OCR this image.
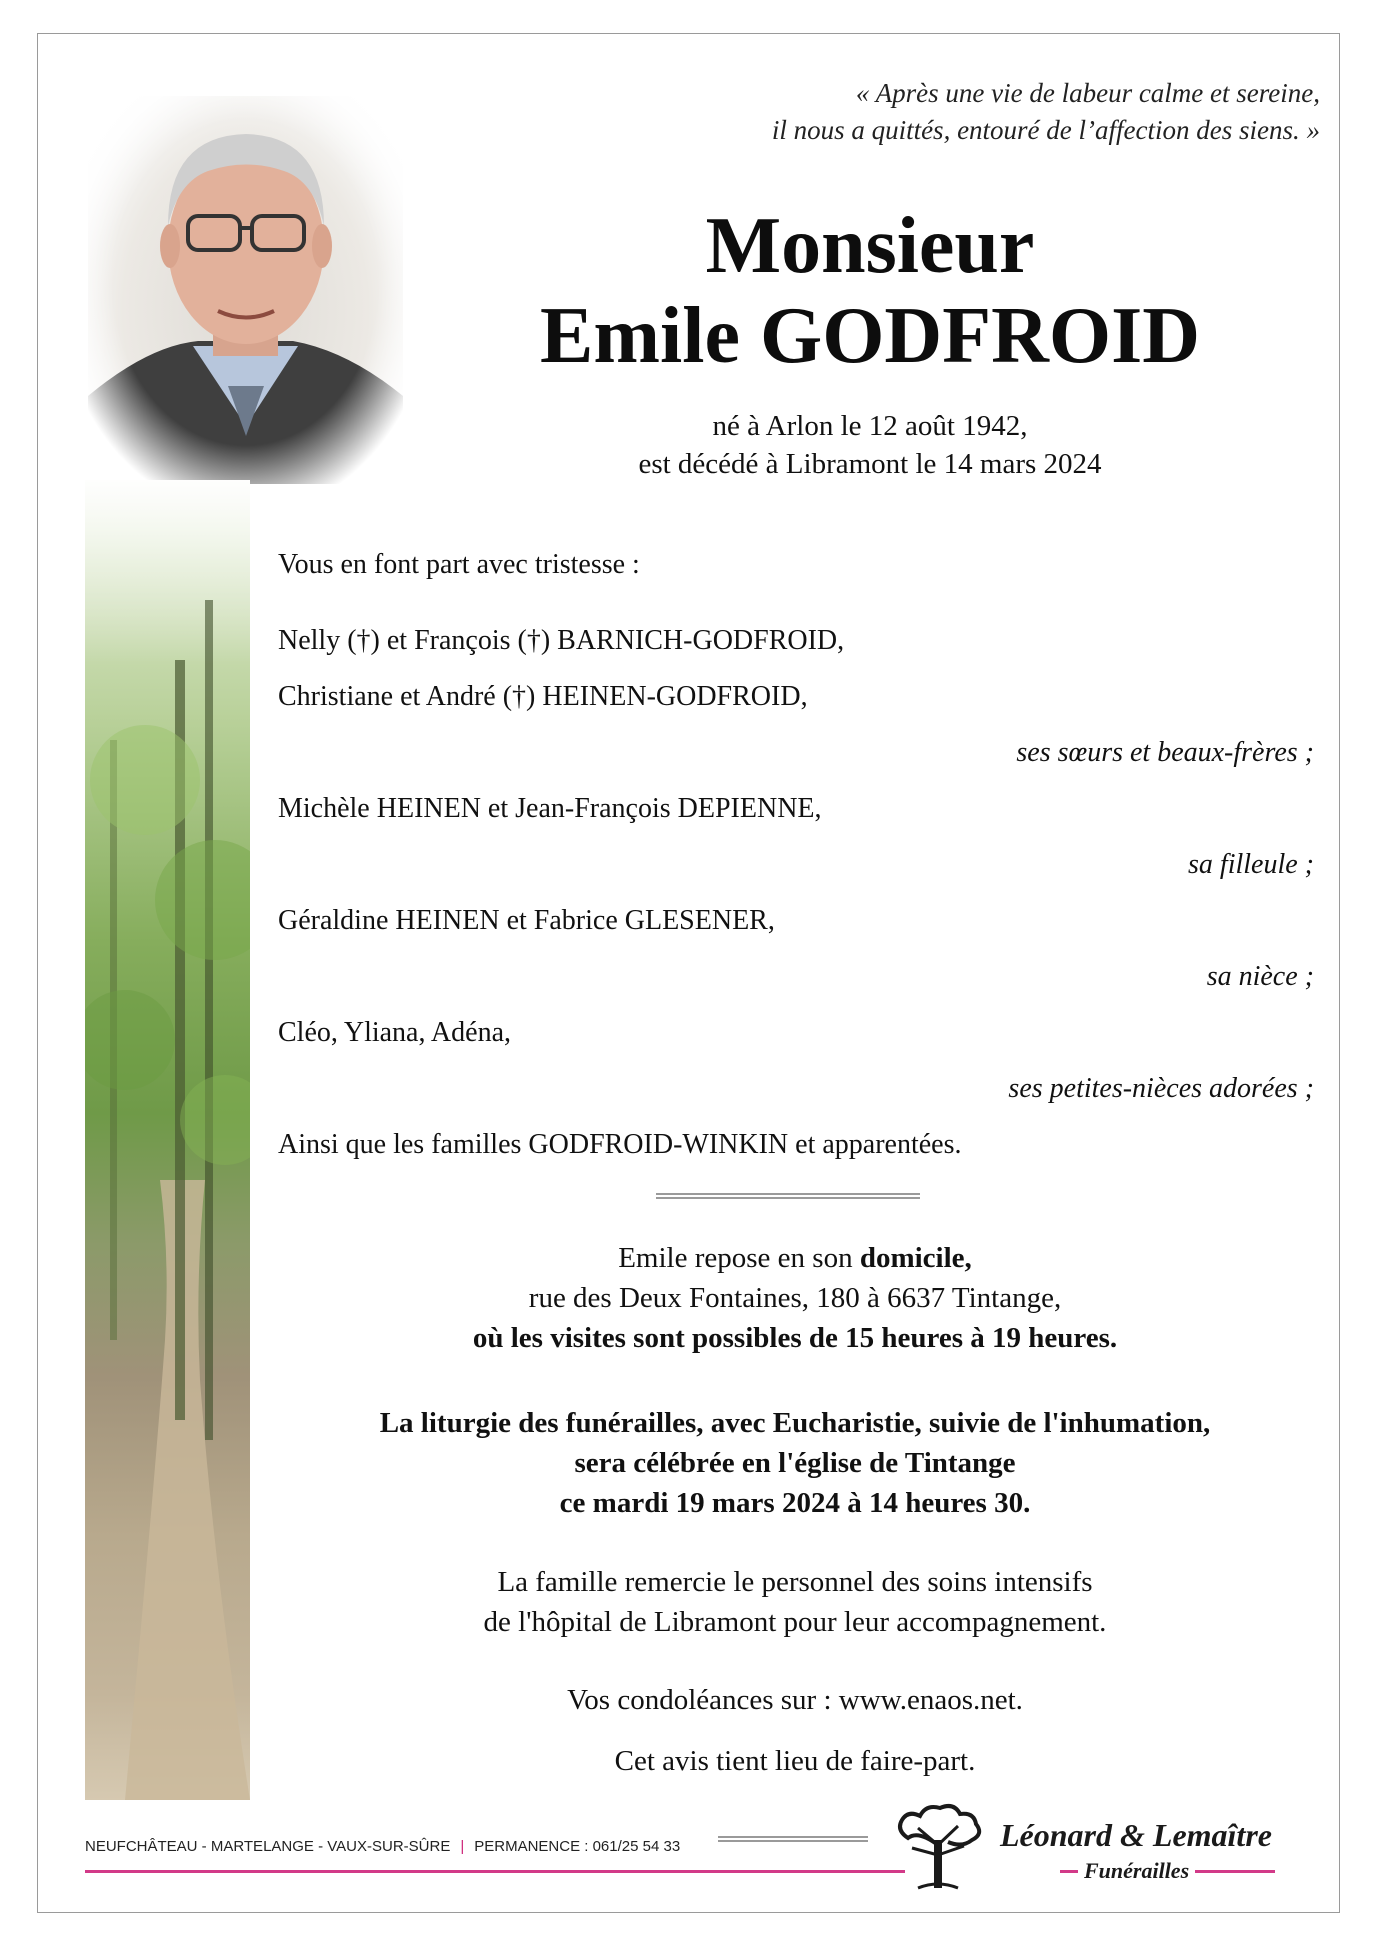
« Après une vie de labeur calme et sereine,
il nous a quittés, entouré de l’affection des siens. »
Monsieur
Emile GODFROID
né à Arlon le 12 août 1942,
est décédé à Libramont le 14 mars 2024
Vous en font part avec tristesse :
Nelly (†) et François (†) BARNICH-GODFROID,
Christiane et André (†) HEINEN-GODFROID,
ses sœurs et beaux-frères ;
Michèle HEINEN et Jean-François DEPIENNE,
sa filleule ;
Géraldine HEINEN et Fabrice GLESENER,
sa nièce ;
Cléo, Yliana, Adéna,
ses petites-nièces adorées ;
Ainsi que les familles GODFROID-WINKIN et apparentées.
Emile repose en son domicile,
rue des Deux Fontaines, 180 à 6637 Tintange,
où les visites sont possibles de 15 heures à 19 heures.
La liturgie des funérailles, avec Eucharistie, suivie de l'inhumation,
sera célébrée en l'église de Tintange
ce mardi 19 mars 2024 à 14 heures 30.
La famille remercie le personnel des soins intensifs
de l'hôpital de Libramont pour leur accompagnement.
Vos condoléances sur : www.enaos.net.
Cet avis tient lieu de faire-part.
NEUFCHÂTEAU - MARTELANGE - VAUX-SUR-SÛRE | PERMANENCE : 061/25 54 33	Léonard & Lemaître
Funérailles
